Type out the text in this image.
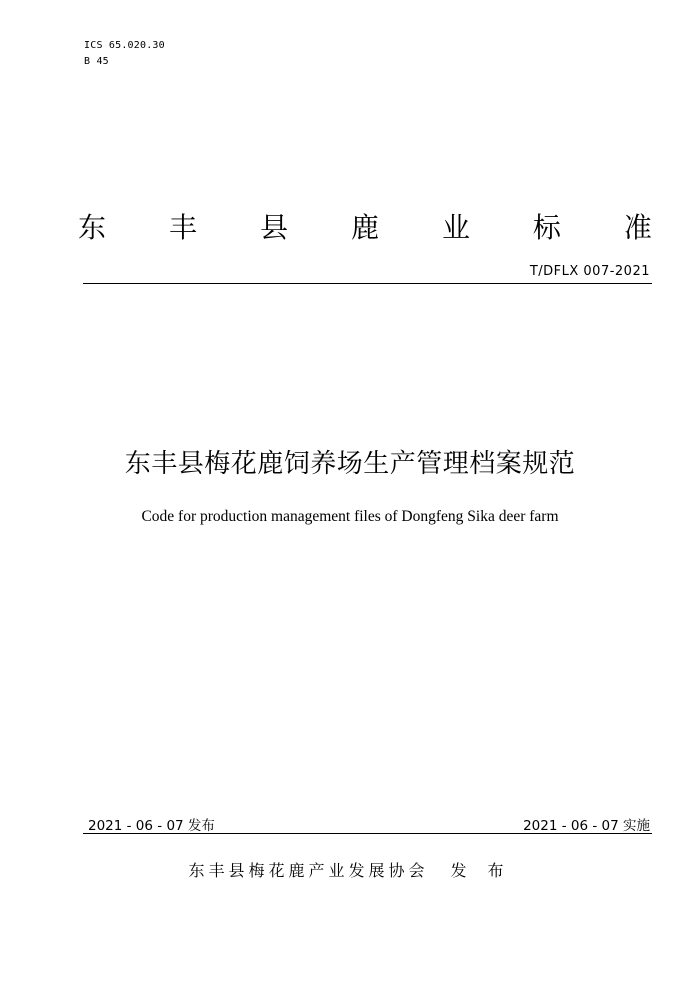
ICS 65.020.30
B 45
东 丰 县 鹿 业 标 准
T/DFLX 007-2021
东丰县梅花鹿饲养场生产管理档案规范
Code for production management files of Dongfeng Sika deer farm
2021 - 06 - 07 发布	2021 - 06 - 07 实施
东丰县梅花鹿产业发展协会 发 布
